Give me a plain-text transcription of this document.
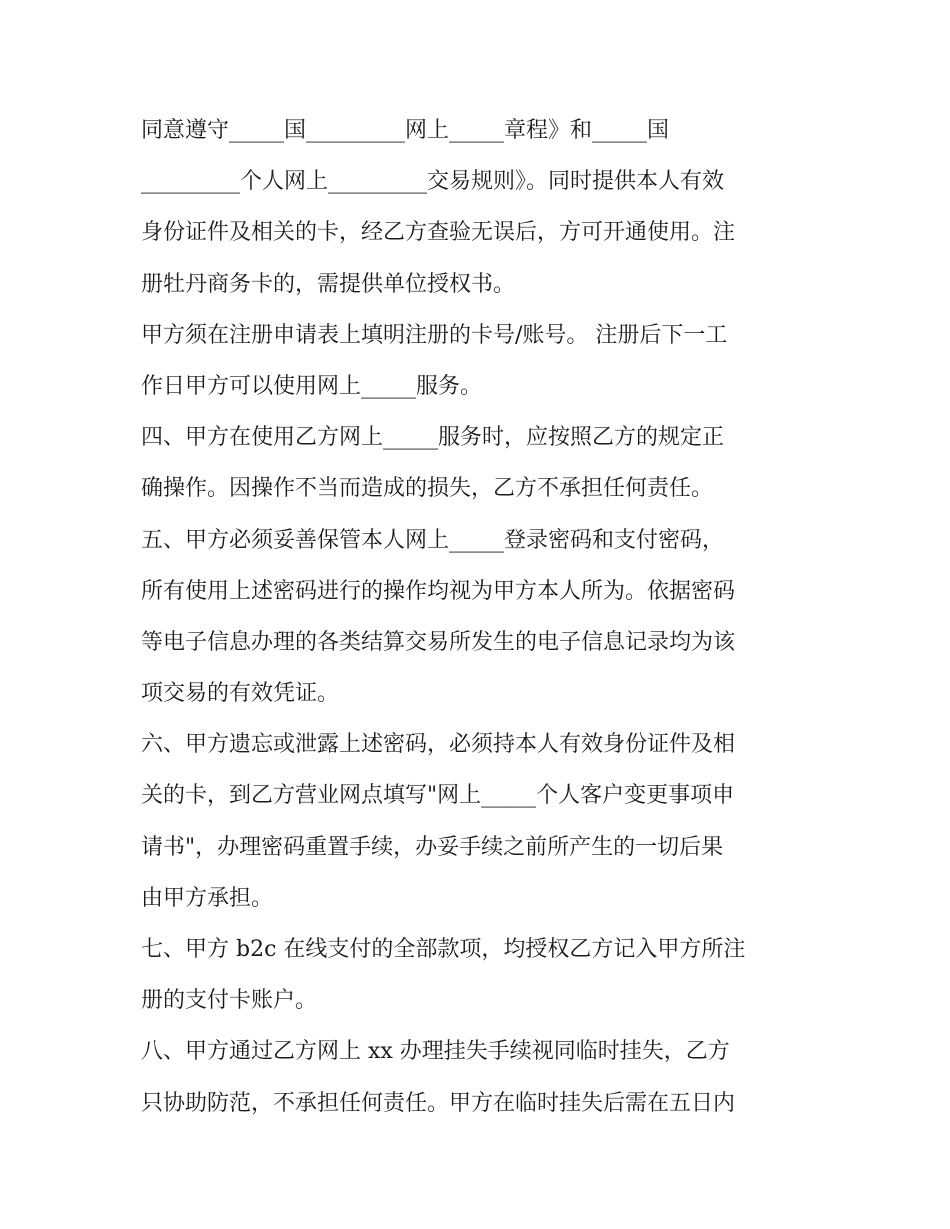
同意遵守_____国_________网上_____章程》和_____国
_________个人网上_________交易规则》。同时提供本人有效
身份证件及相关的卡，经乙方查验无误后，方可开通使用。注
册牡丹商务卡的，需提供单位授权书。
甲方须在注册申请表上填明注册的卡号/账号。 注册后下一工
作日甲方可以使用网上_____服务。
四、甲方在使用乙方网上_____服务时，应按照乙方的规定正
确操作。因操作不当而造成的损失，乙方不承担任何责任。
五、甲方必须妥善保管本人网上_____登录密码和支付密码，
所有使用上述密码进行的操作均视为甲方本人所为。依据密码
等电子信息办理的各类结算交易所发生的电子信息记录均为该
项交易的有效凭证。
六、甲方遗忘或泄露上述密码，必须持本人有效身份证件及相
关的卡，到乙方营业网点填写"网上_____个人客户变更事项申
请书"，办理密码重置手续，办妥手续之前所产生的一切后果
由甲方承担。
七、甲方 b2c 在线支付的全部款项，均授权乙方记入甲方所注
册的支付卡账户。
八、甲方通过乙方网上 xx 办理挂失手续视同临时挂失，乙方
只协助防范，不承担任何责任。甲方在临时挂失后需在五日内
